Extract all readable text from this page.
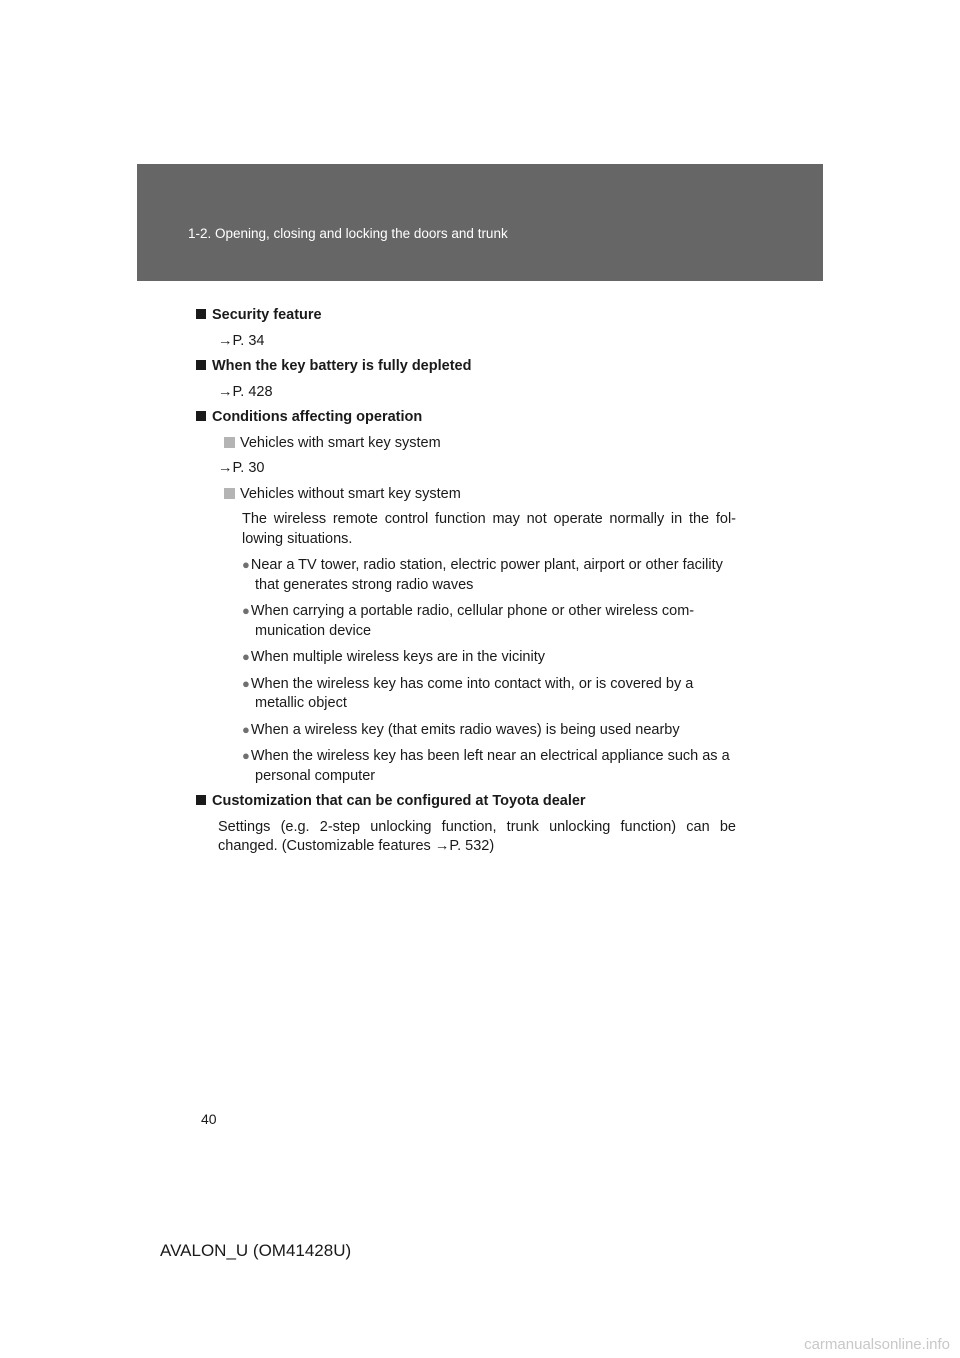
1-2. Opening, closing and locking the doors and trunk
Security feature
→P. 34
When the key battery is fully depleted
→P. 428
Conditions affecting operation
Vehicles with smart key system
→P. 30
Vehicles without smart key system
The wireless remote control function may not operate normally in the fol- lowing situations.
●Near a TV tower, radio station, electric power plant, airport or other facility that generates strong radio waves
●When carrying a portable radio, cellular phone or other wireless com- munication device
●When multiple wireless keys are in the vicinity
●When the wireless key has come into contact with, or is covered by a metallic object
●When a wireless key (that emits radio waves) is being used nearby
●When the wireless key has been left near an electrical appliance such as a personal computer
Customization that can be configured at Toyota dealer
Settings (e.g. 2-step unlocking function, trunk unlocking function) can be changed. (Customizable features →P. 532)
40
AVALON_U (OM41428U)
carmanualsonline.info
